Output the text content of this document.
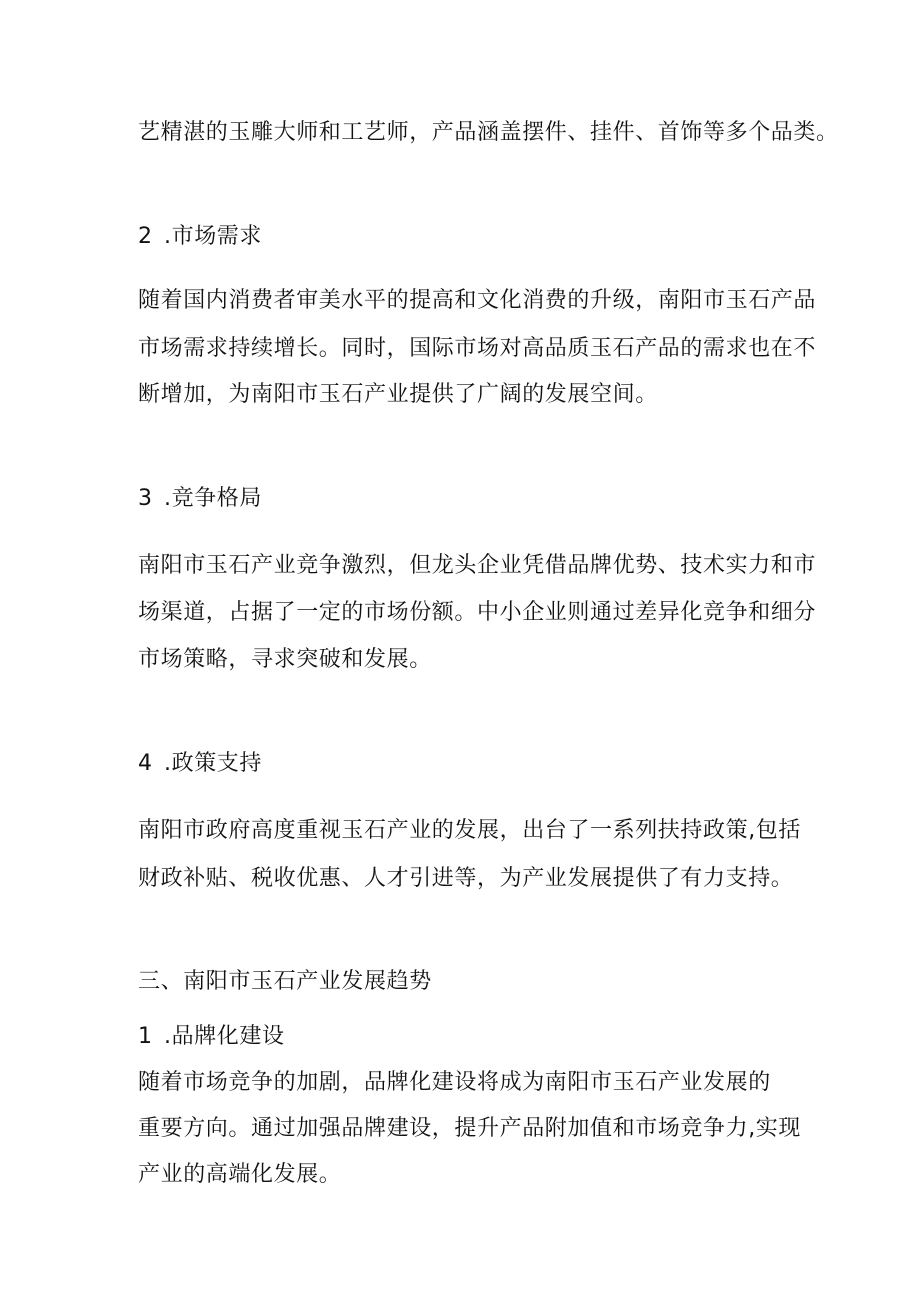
艺精湛的玉雕大师和工艺师，产品涵盖摆件、挂件、首饰等多个品类。
2 .市场需求
随着国内消费者审美水平的提高和文化消费的升级，南阳市玉石产品
市场需求持续增长。同时，国际市场对高品质玉石产品的需求也在不
断增加，为南阳市玉石产业提供了广阔的发展空间。
3 .竞争格局
南阳市玉石产业竞争激烈，但龙头企业凭借品牌优势、技术实力和市
场渠道，占据了一定的市场份额。中小企业则通过差异化竞争和细分
市场策略，寻求突破和发展。
4 .政策支持
南阳市政府高度重视玉石产业的发展，出台了一系列扶持政策,包括
财政补贴、税收优惠、人才引进等，为产业发展提供了有力支持。
三、南阳市玉石产业发展趋势
1 .品牌化建设
随着市场竞争的加剧，品牌化建设将成为南阳市玉石产业发展的
重要方向。通过加强品牌建设，提升产品附加值和市场竞争力,实现
产业的高端化发展。
